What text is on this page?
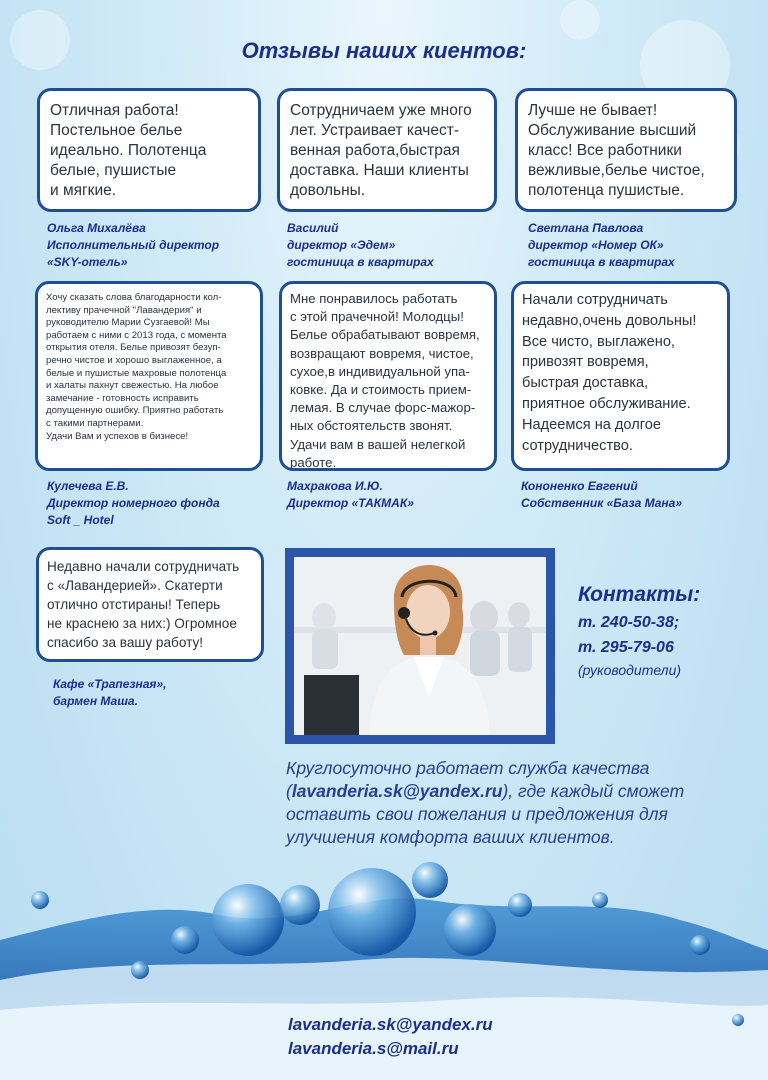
Отзывы наших киентов:
Отличная работа!
Постельное белье
идеально. Полотенца
белые, пушистые
и мягкие.
Ольга Михалёва
Исполнительный директор
«SKY-отель»
Сотрудничаем уже много
лет. Устраивает качест-
венная работа,быстрая
доставка. Наши клиенты
довольны.
Василий
директор «Эдем»
гостиница в квартирах
Лучше не бывает!
Обслуживание высший
класс! Все работники
вежливые,белье чистое,
полотенца пушистые.
Светлана Павлова
директор «Номер ОК»
гостиница в квартирах
Хочу сказать слова благодарности кол-
лективу прачечной "Лавандерия" и
руководителю Марии Сузгаевой! Мы
работаем с ними с 2013 года, с момента
открытия отеля. Белье привозят безуп-
речно чистое и хорошо выглаженное, а
белые и пушистые махровые полотенца
и халаты пахнут свежестью. На любое
замечание - готовность исправить
допущенную ошибку. Приятно работать
с такими партнерами.
Удачи Вам и успехов в бизнесе!
Кулечева Е.В.
Директор номерного фонда
Soft _ Hotel
Мне понравилось работать
с этой прачечной! Молодцы!
Белье обрабатывают вовремя,
возвращают вовремя, чистое,
сухое,в индивидуальной упа-
ковке. Да и стоимость прием-
лемая. В случае форс-мажор-
ных обстоятельств звонят.
Удачи вам в вашей нелегкой
работе.
Махракова И.Ю.
Директор «ТАКМАК»
Начали сотрудничать
недавно,очень довольны!
Все чисто, выглажено,
привозят вовремя,
быстрая доставка,
приятное обслуживание.
Надеемся на долгое
сотрудничество.
Кононенко Евгений
Собственник «База Мана»
Недавно начали сотрудничать
с «Лавандерией». Скатерти
отлично отстираны! Теперь
не краснею за них:) Огромное
спасибо за вашу работу!
Кафе «Трапезная»,
бармен Маша.
Контакты:
т. 240-50-38;
т. 295-79-06
(руководители)
Круглосуточно работает служба качества
(lavanderia.sk@yandex.ru), где каждый сможет оставить свои пожелания и предложения для улучшения комфорта ваших клиентов.
lavanderia.sk@yandex.ru
lavanderia.s@mail.ru
